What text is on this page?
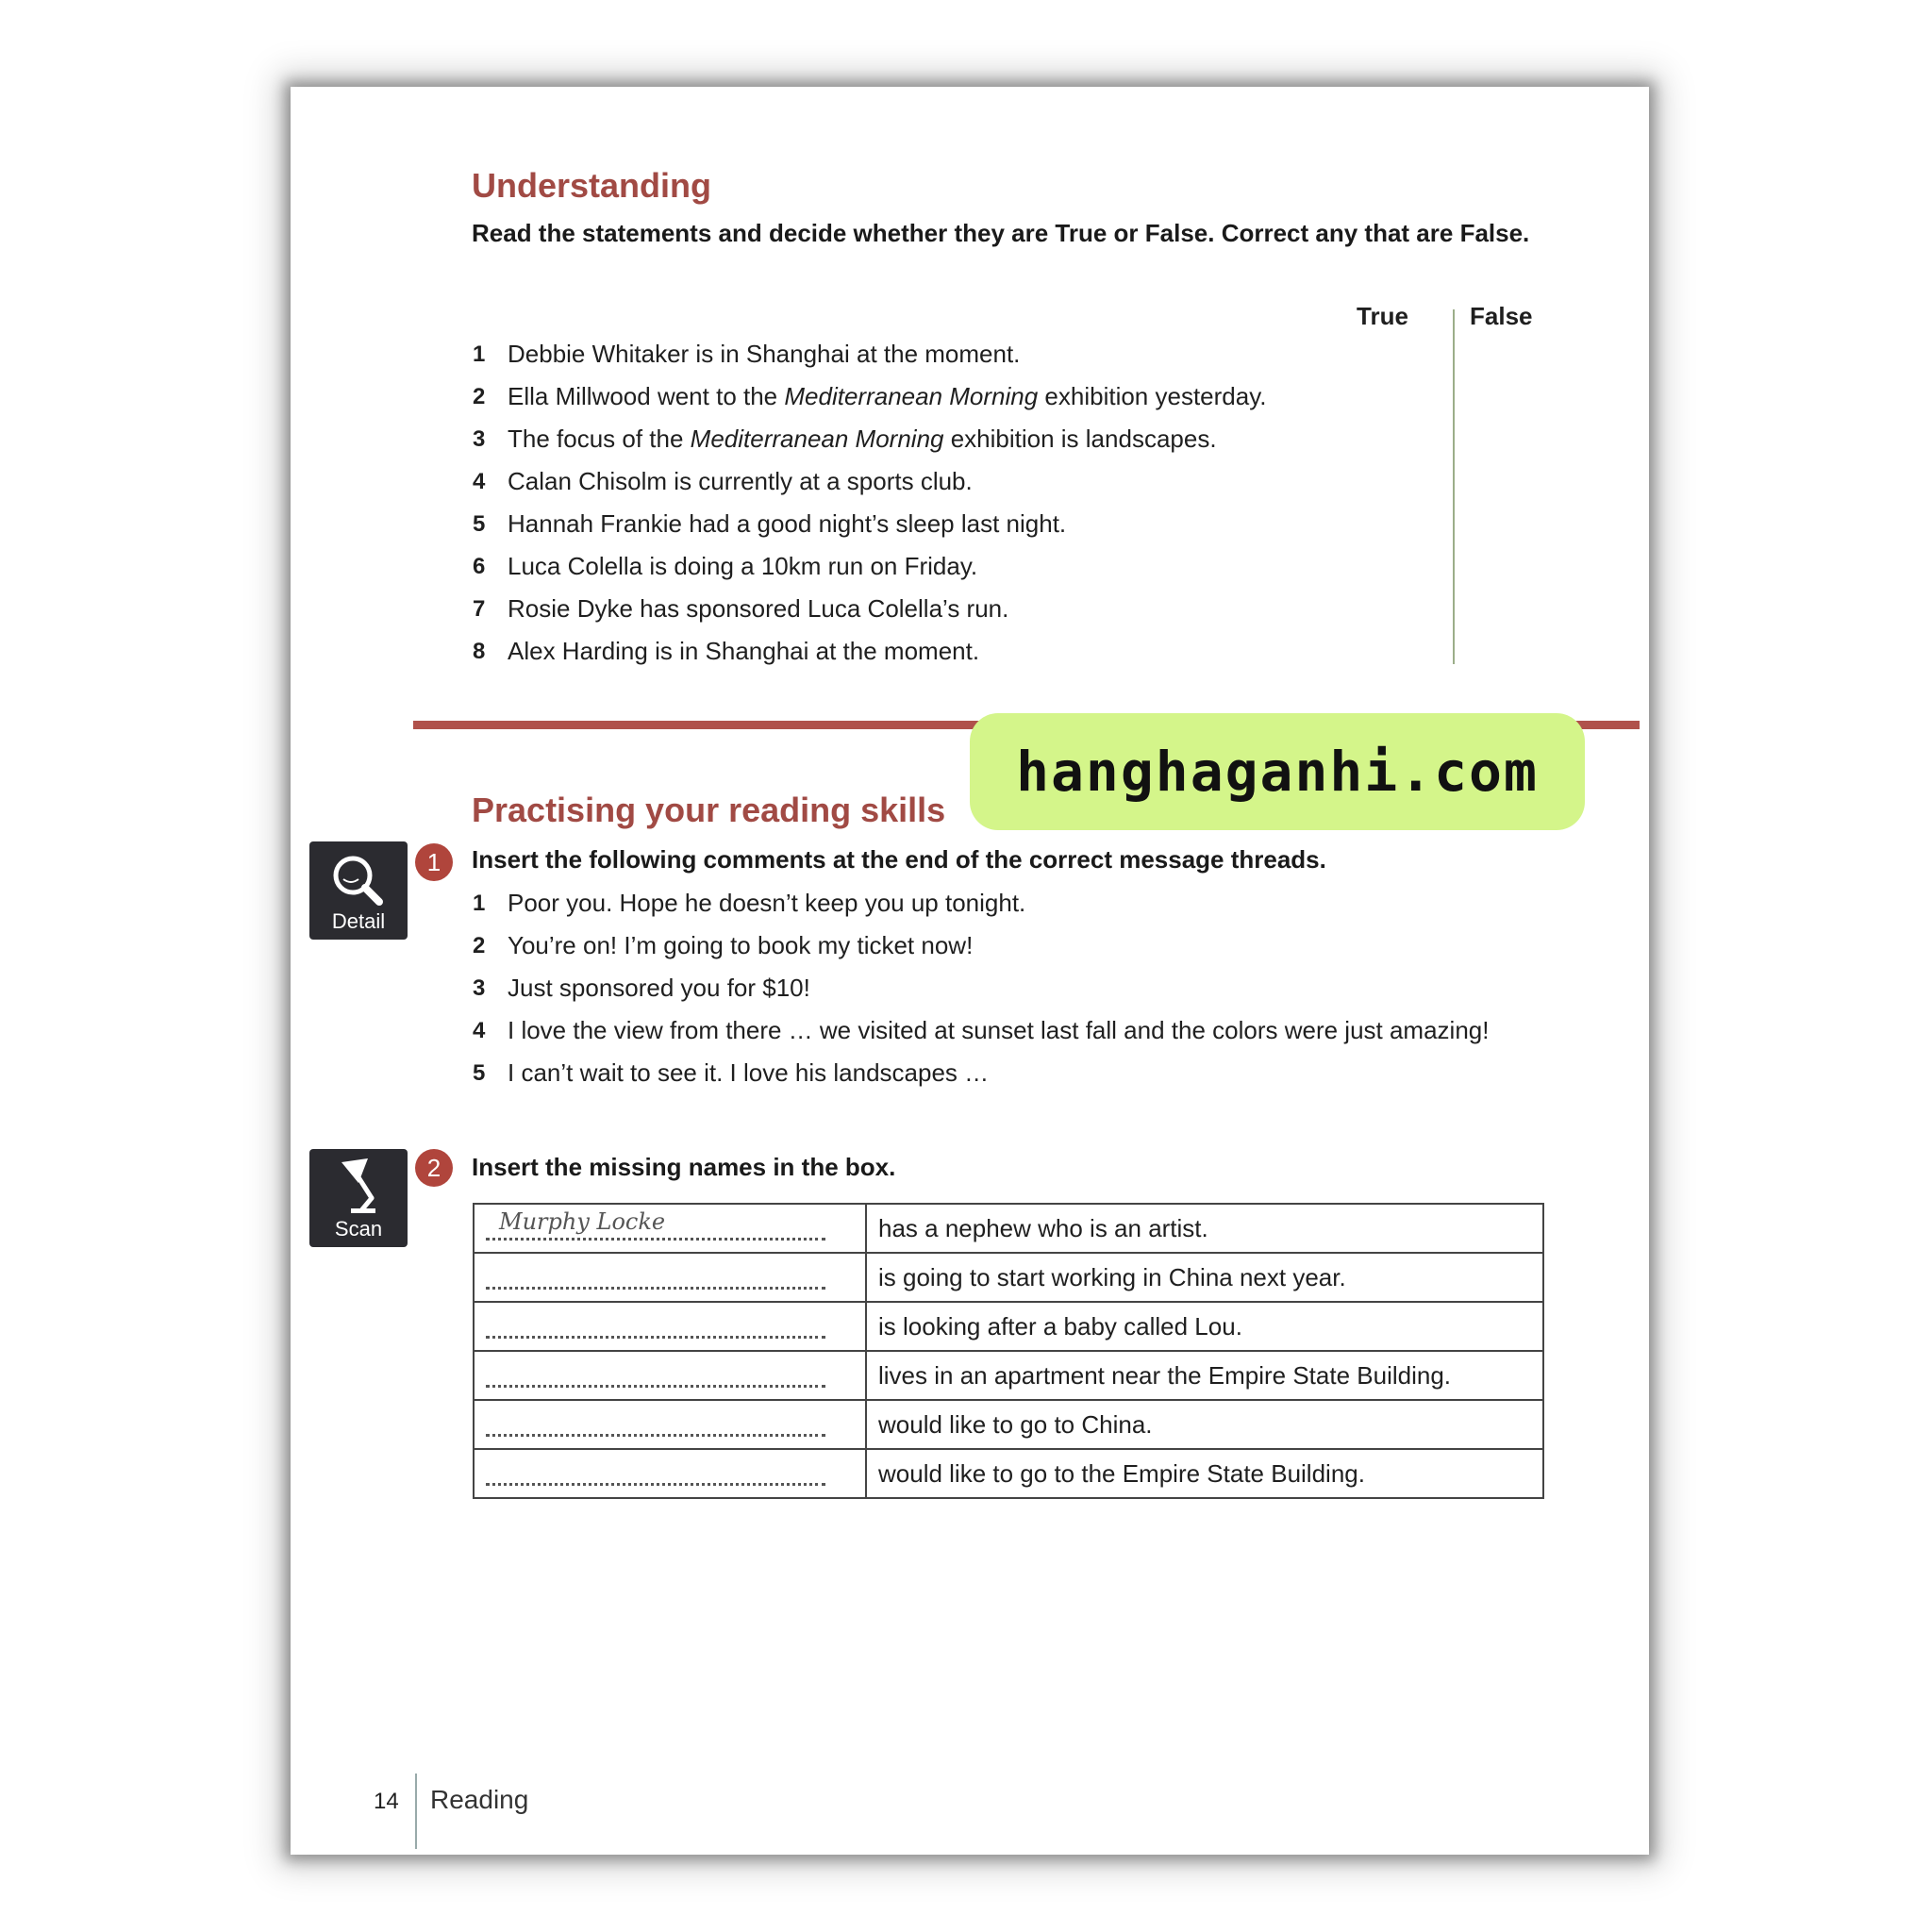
Understanding
Read the statements and decide whether they are True or False. Correct any that are False.
True	False
1 Debbie Whitaker is in Shanghai at the moment.
2 Ella Millwood went to the Mediterranean Morning exhibition yesterday.
3 The focus of the Mediterranean Morning exhibition is landscapes.
4 Calan Chisolm is currently at a sports club.
5 Hannah Frankie had a good night’s sleep last night.
6 Luca Colella is doing a 10km run on Friday.
7 Rosie Dyke has sponsored Luca Colella’s run.
8 Alex Harding is in Shanghai at the moment.
Practising your reading skills
Detail
1	Insert the following comments at the end of the correct message threads.
1 Poor you. Hope he doesn’t keep you up tonight.
2 You’re on! I’m going to book my ticket now!
3 Just sponsored you for $10!
4 I love the view from there … we visited at sunset last fall and the colors were just amazing!
5 I can’t wait to see it. I love his landscapes …
Scan
2	Insert the missing names in the box.
Murphy Locke	has a nephew who is an artist.

	is going to start working in China next year.

	is looking after a baby called Lou.

	lives in an apartment near the Empire State Building.

	would like to go to China.

	would like to go to the Empire State Building.
14 Reading
hanghaganhi.com
